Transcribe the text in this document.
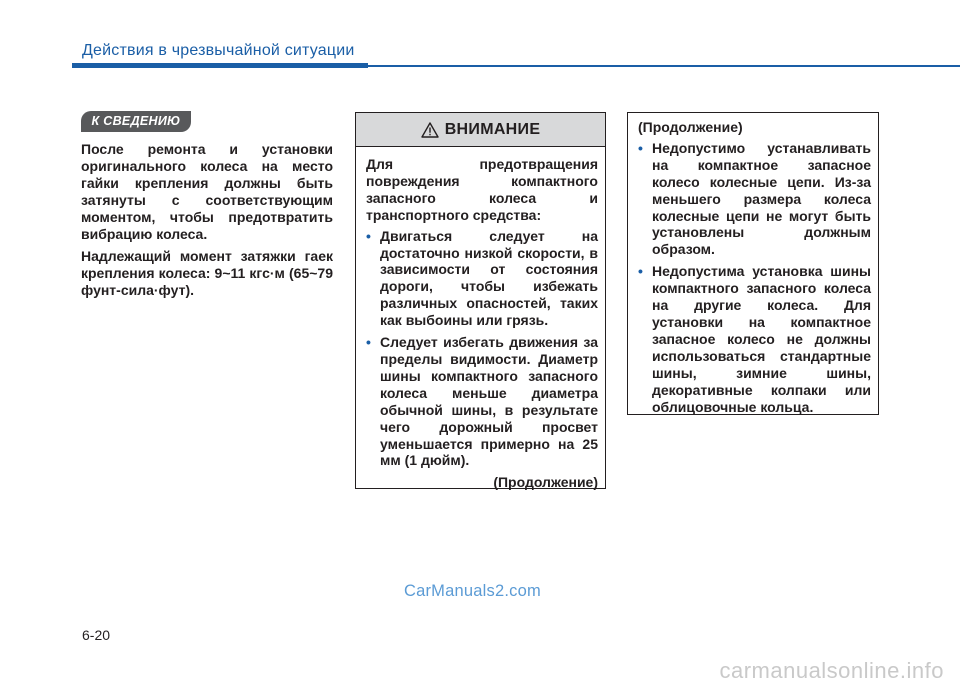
Действия в чрезвычайной ситуации
К СВЕДЕНИЮ

После ремонта и установки оригинального колеса на место гайки крепления должны быть затянуты с соответствующим моментом, чтобы предотвратить вибрацию колеса.

Надлежащий момент затяжки гаек крепления колеса: 9~11 кгс·м (65~79 фунт-сила·фут).

ВНИМАНИЕ

Для предотвращения повреждения компактного запасного колеса и транспортного средства:

• Двигаться следует на достаточно низкой скорости, в зависимости от состояния дороги, чтобы избежать различных опасностей, таких как выбоины или грязь.
• Следует избегать движения за пределы видимости. Диаметр шины компактного запасного колеса меньше диаметра обычной шины, в результате чего дорожный просвет уменьшается примерно на 25 мм (1 дюйм).

(Продолжение)

(Продолжение)

• Недопустимо устанавливать на компактное запасное колесо колесные цепи. Из-за меньшего размера колеса колесные цепи не могут быть установлены должным образом.
• Недопустима установка шины компактного запасного колеса на другие колеса. Для установки на компактное запасное колесо не должны использоваться стандартные шины, зимние шины, декоративные колпаки или облицовочные кольца.
CarManuals2.com
6-20
carmanualsonline.info
